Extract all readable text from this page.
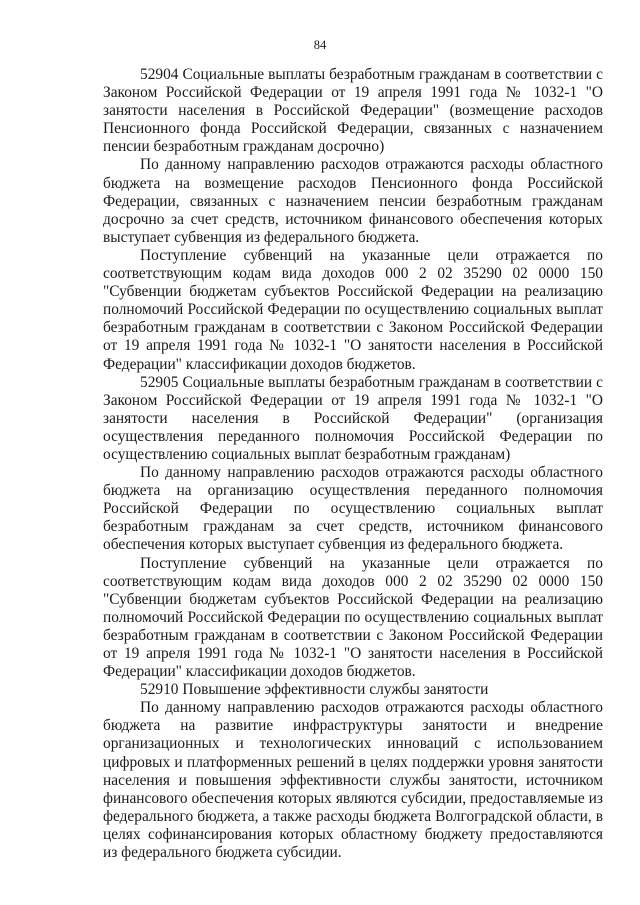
84

52904 Социальные выплаты безработным гражданам в соответствии с Законом Российской Федерации от 19 апреля 1991 года № 1032-1 "О занятости населения в Российской Федерации" (возмещение расходов Пенсионного фонда Российской Федерации, связанных с назначением пенсии безработным гражданам досрочно)

По данному направлению расходов отражаются расходы областного бюджета на возмещение расходов Пенсионного фонда Российской Федерации, связанных с назначением пенсии безработным гражданам досрочно за счет средств, источником финансового обеспечения которых выступает субвенция из федерального бюджета.

Поступление субвенций на указанные цели отражается по соответствующим кодам вида доходов 000 2 02 35290 02 0000 150 "Субвенции бюджетам субъектов Российской Федерации на реализацию полномочий Российской Федерации по осуществлению социальных выплат безработным гражданам в соответствии с Законом Российской Федерации от 19 апреля 1991 года № 1032-1 "О занятости населения в Российской Федерации" классификации доходов бюджетов.

52905 Социальные выплаты безработным гражданам в соответствии с Законом Российской Федерации от 19 апреля 1991 года № 1032-1 "О занятости населения в Российской Федерации" (организация осуществления переданного полномочия Российской Федерации по осуществлению социальных выплат безработным гражданам)

По данному направлению расходов отражаются расходы областного бюджета на организацию осуществления переданного полномочия Российской Федерации по осуществлению социальных выплат безработным гражданам за счет средств, источником финансового обеспечения которых выступает субвенция из федерального бюджета.

Поступление субвенций на указанные цели отражается по соответствующим кодам вида доходов 000 2 02 35290 02 0000 150 "Субвенции бюджетам субъектов Российской Федерации на реализацию полномочий Российской Федерации по осуществлению социальных выплат безработным гражданам в соответствии с Законом Российской Федерации от 19 апреля 1991 года № 1032-1 "О занятости населения в Российской Федерации" классификации доходов бюджетов.

52910 Повышение эффективности службы занятости

По данному направлению расходов отражаются расходы областного бюджета на развитие инфраструктуры занятости и внедрение организационных и технологических инноваций с использованием цифровых и платформенных решений в целях поддержки уровня занятости населения и повышения эффективности службы занятости, источником финансового обеспечения которых являются субсидии, предоставляемые из федерального бюджета, а также расходы бюджета Волгоградской области, в целях софинансирования которых областному бюджету предоставляются из федерального бюджета субсидии.
